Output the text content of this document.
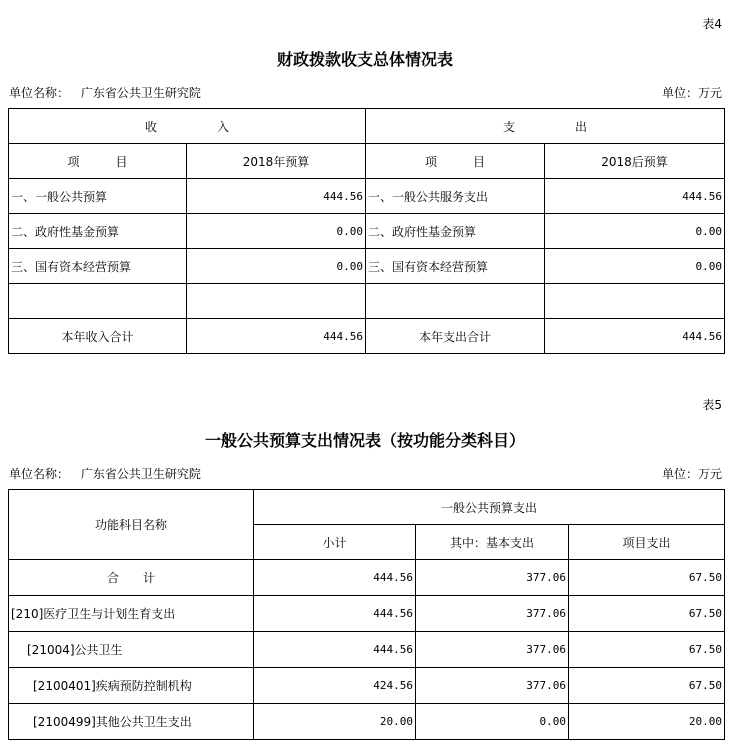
表4
财政拨款收支总体情况表
单位名称： 广东省公共卫生研究院	单位：万元
收　　　　　入		支　　　　　出	
项　　　目	2018年预算	项　　　目	2018后预算
一、一般公共预算	444.56	一、一般公共服务支出	444.56
二、政府性基金预算	0.00	二、政府性基金预算	0.00
三、国有资本经营预算	0.00	三、国有资本经营预算	0.00

本年收入合计	444.56	本年支出合计	444.56
表5
一般公共预算支出情况表（按功能分类科目）
单位名称： 广东省公共卫生研究院	单位：万元
功能科目名称	一般公共预算支出		
	小计	其中：基本支出	项目支出
合　　计	444.56	377.06	67.50
[210]医疗卫生与计划生育支出	444.56	377.06	67.50
[21004]公共卫生	444.56	377.06	67.50
[2100401]疾病预防控制机构	424.56	377.06	67.50
[2100499]其他公共卫生支出	20.00	0.00	20.00
